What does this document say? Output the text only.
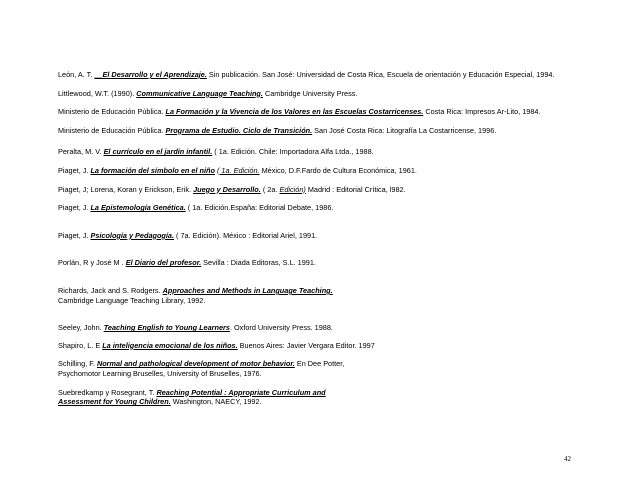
León, A. T. __El Desarrollo y el Aprendizaje. Sin publicación. San José: Universidad de Costa Rica, Escuela de orientación y Educación Especial, 1994.

Littlewood, W.T. (1990). Communicative Language Teaching. Cambridge University Press.

Ministerio de Educación Pública. La Formación y la Vivencia de los Valores en las Escuelas Costarricenses. Costa Rica: Impresos Ar-Lito, 1984.

Ministerio de Educación Pública. Programa de Estudio. Ciclo de Transición. San José Costa Rica: Litografía La Costarricense, 1996.

Peralta, M. V. El currículo en el jardín infantil. ( 1a. Edición. Chile: Importadora Alfa Ltda., 1988.

Piaget, J. La formación del símbolo en el niño ( 1a. Edición. México, D.F.Fardo de Cultura Económica, 1961.

Piaget, J; Lorena, Koran y Erickson, Erik. Juego y Desarrollo. ( 2a. Edición) Madrid : Editorial Crítica, l982.

Piaget, J. La Epistemología Genética. ( 1a. Edición.España: Editorial Debate, 1986.

Piaget, J. Psicología y Pedagogía. ( 7a. Edición). México : Editorial Ariel, 1991.

Porlán, R y José M . El Diario del profesor. Sevilla : Diada Editoras, S.L. 1991.

Richards, Jack and S. Rodgers. Approaches and Methods in Language Teaching. Cambridge Language Teaching Library, 1992.

Seeley, John. Teaching English to Young Learners. Oxford University Press. 1988.

Shapiro, L. E La inteligencia emocional de los niños. Buenos Aires: Javier Vergara Editor. 1997

Schilling, F. Normal and pathological development of motor behavior. En Dee Potter, Psychomotor Learning Bruselles, University of Bruselles, 1976.

Suebredkamp y Rosegrant, T. Reaching Potential : Appropriate Curriculum and Assessment for Young Children. Washington, NAECY, 1992.

42
